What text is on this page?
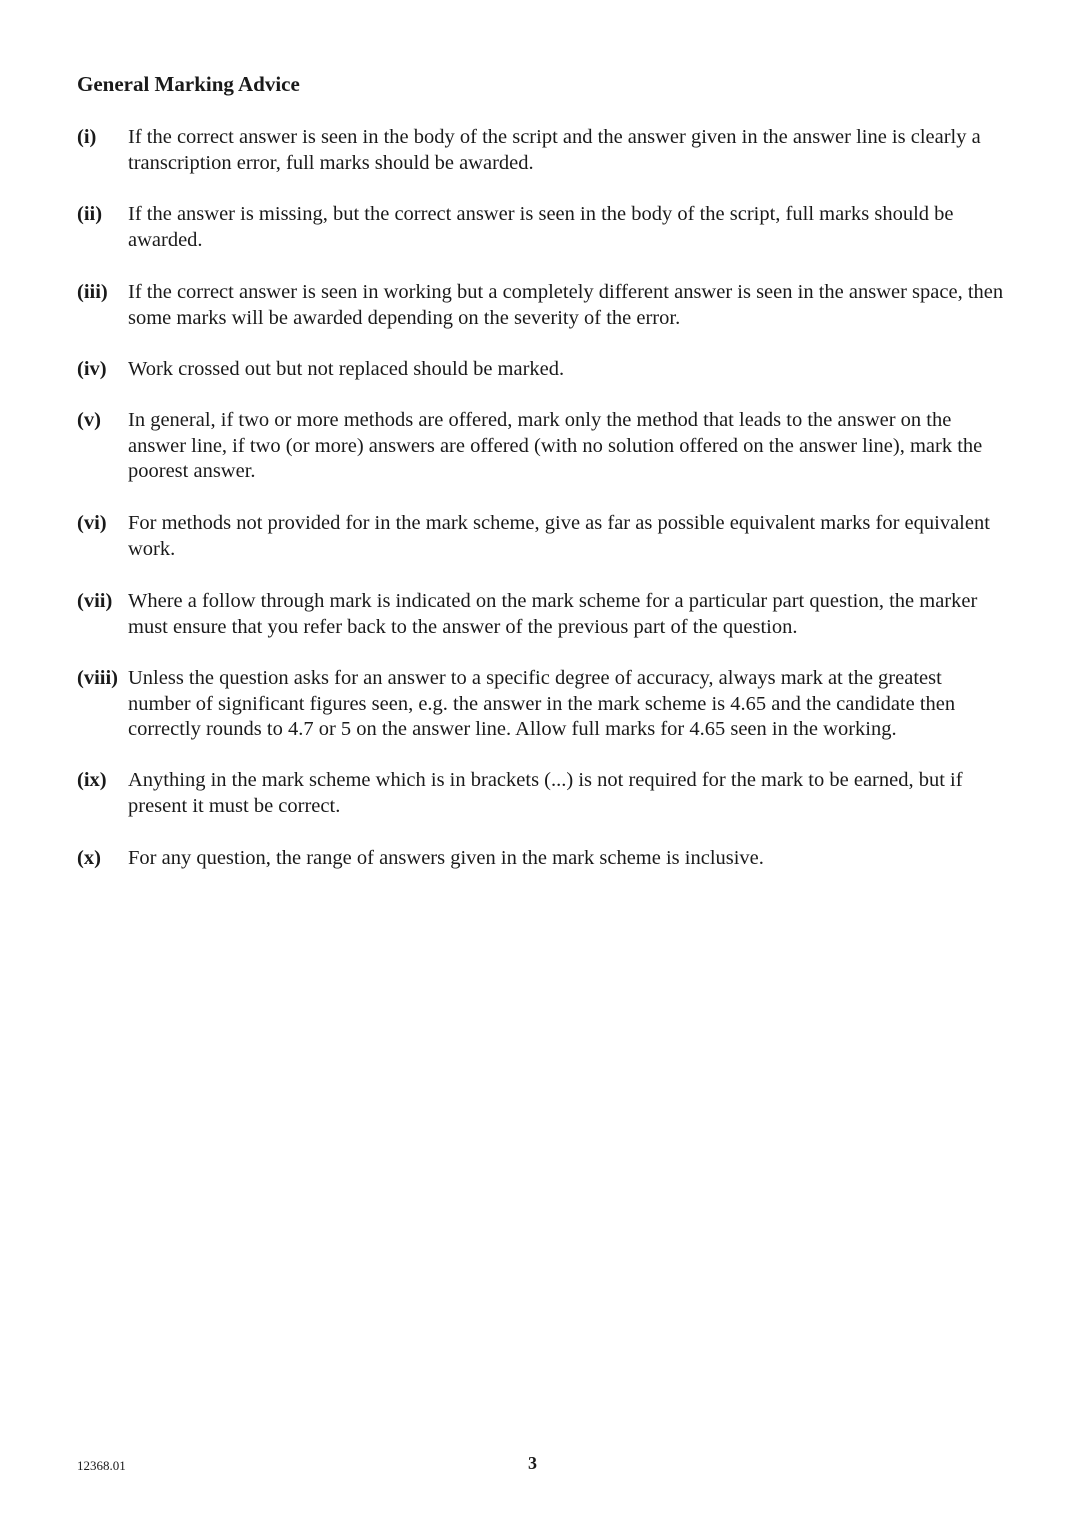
General Marking Advice
(i)	If the correct answer is seen in the body of the script and the answer given in the answer line is clearly a transcription error, full marks should be awarded.
(ii)	If the answer is missing, but the correct answer is seen in the body of the script, full marks should be awarded.
(iii) If the correct answer is seen in working but a completely different answer is seen in the answer space, then some marks will be awarded depending on the severity of the error.
(iv)	Work crossed out but not replaced should be marked.
(v)	In general, if two or more methods are offered, mark only the method that leads to the answer on the answer line, if two (or more) answers are offered (with no solution offered on the answer line), mark the poorest answer.
(vi)	For methods not provided for in the mark scheme, give as far as possible equivalent marks for equivalent work.
(vii) Where a follow through mark is indicated on the mark scheme for a particular part question, the marker must ensure that you refer back to the answer of the previous part of the question.
(viii) Unless the question asks for an answer to a specific degree of accuracy, always mark at the greatest number of significant figures seen, e.g. the answer in the mark scheme is 4.65 and the candidate then correctly rounds to 4.7 or 5 on the answer line. Allow full marks for 4.65 seen in the working.
(ix)	Anything in the mark scheme which is in brackets (...) is not required for the mark to be earned, but if present it must be correct.
(x)	For any question, the range of answers given in the mark scheme is inclusive.
12368.01	3
